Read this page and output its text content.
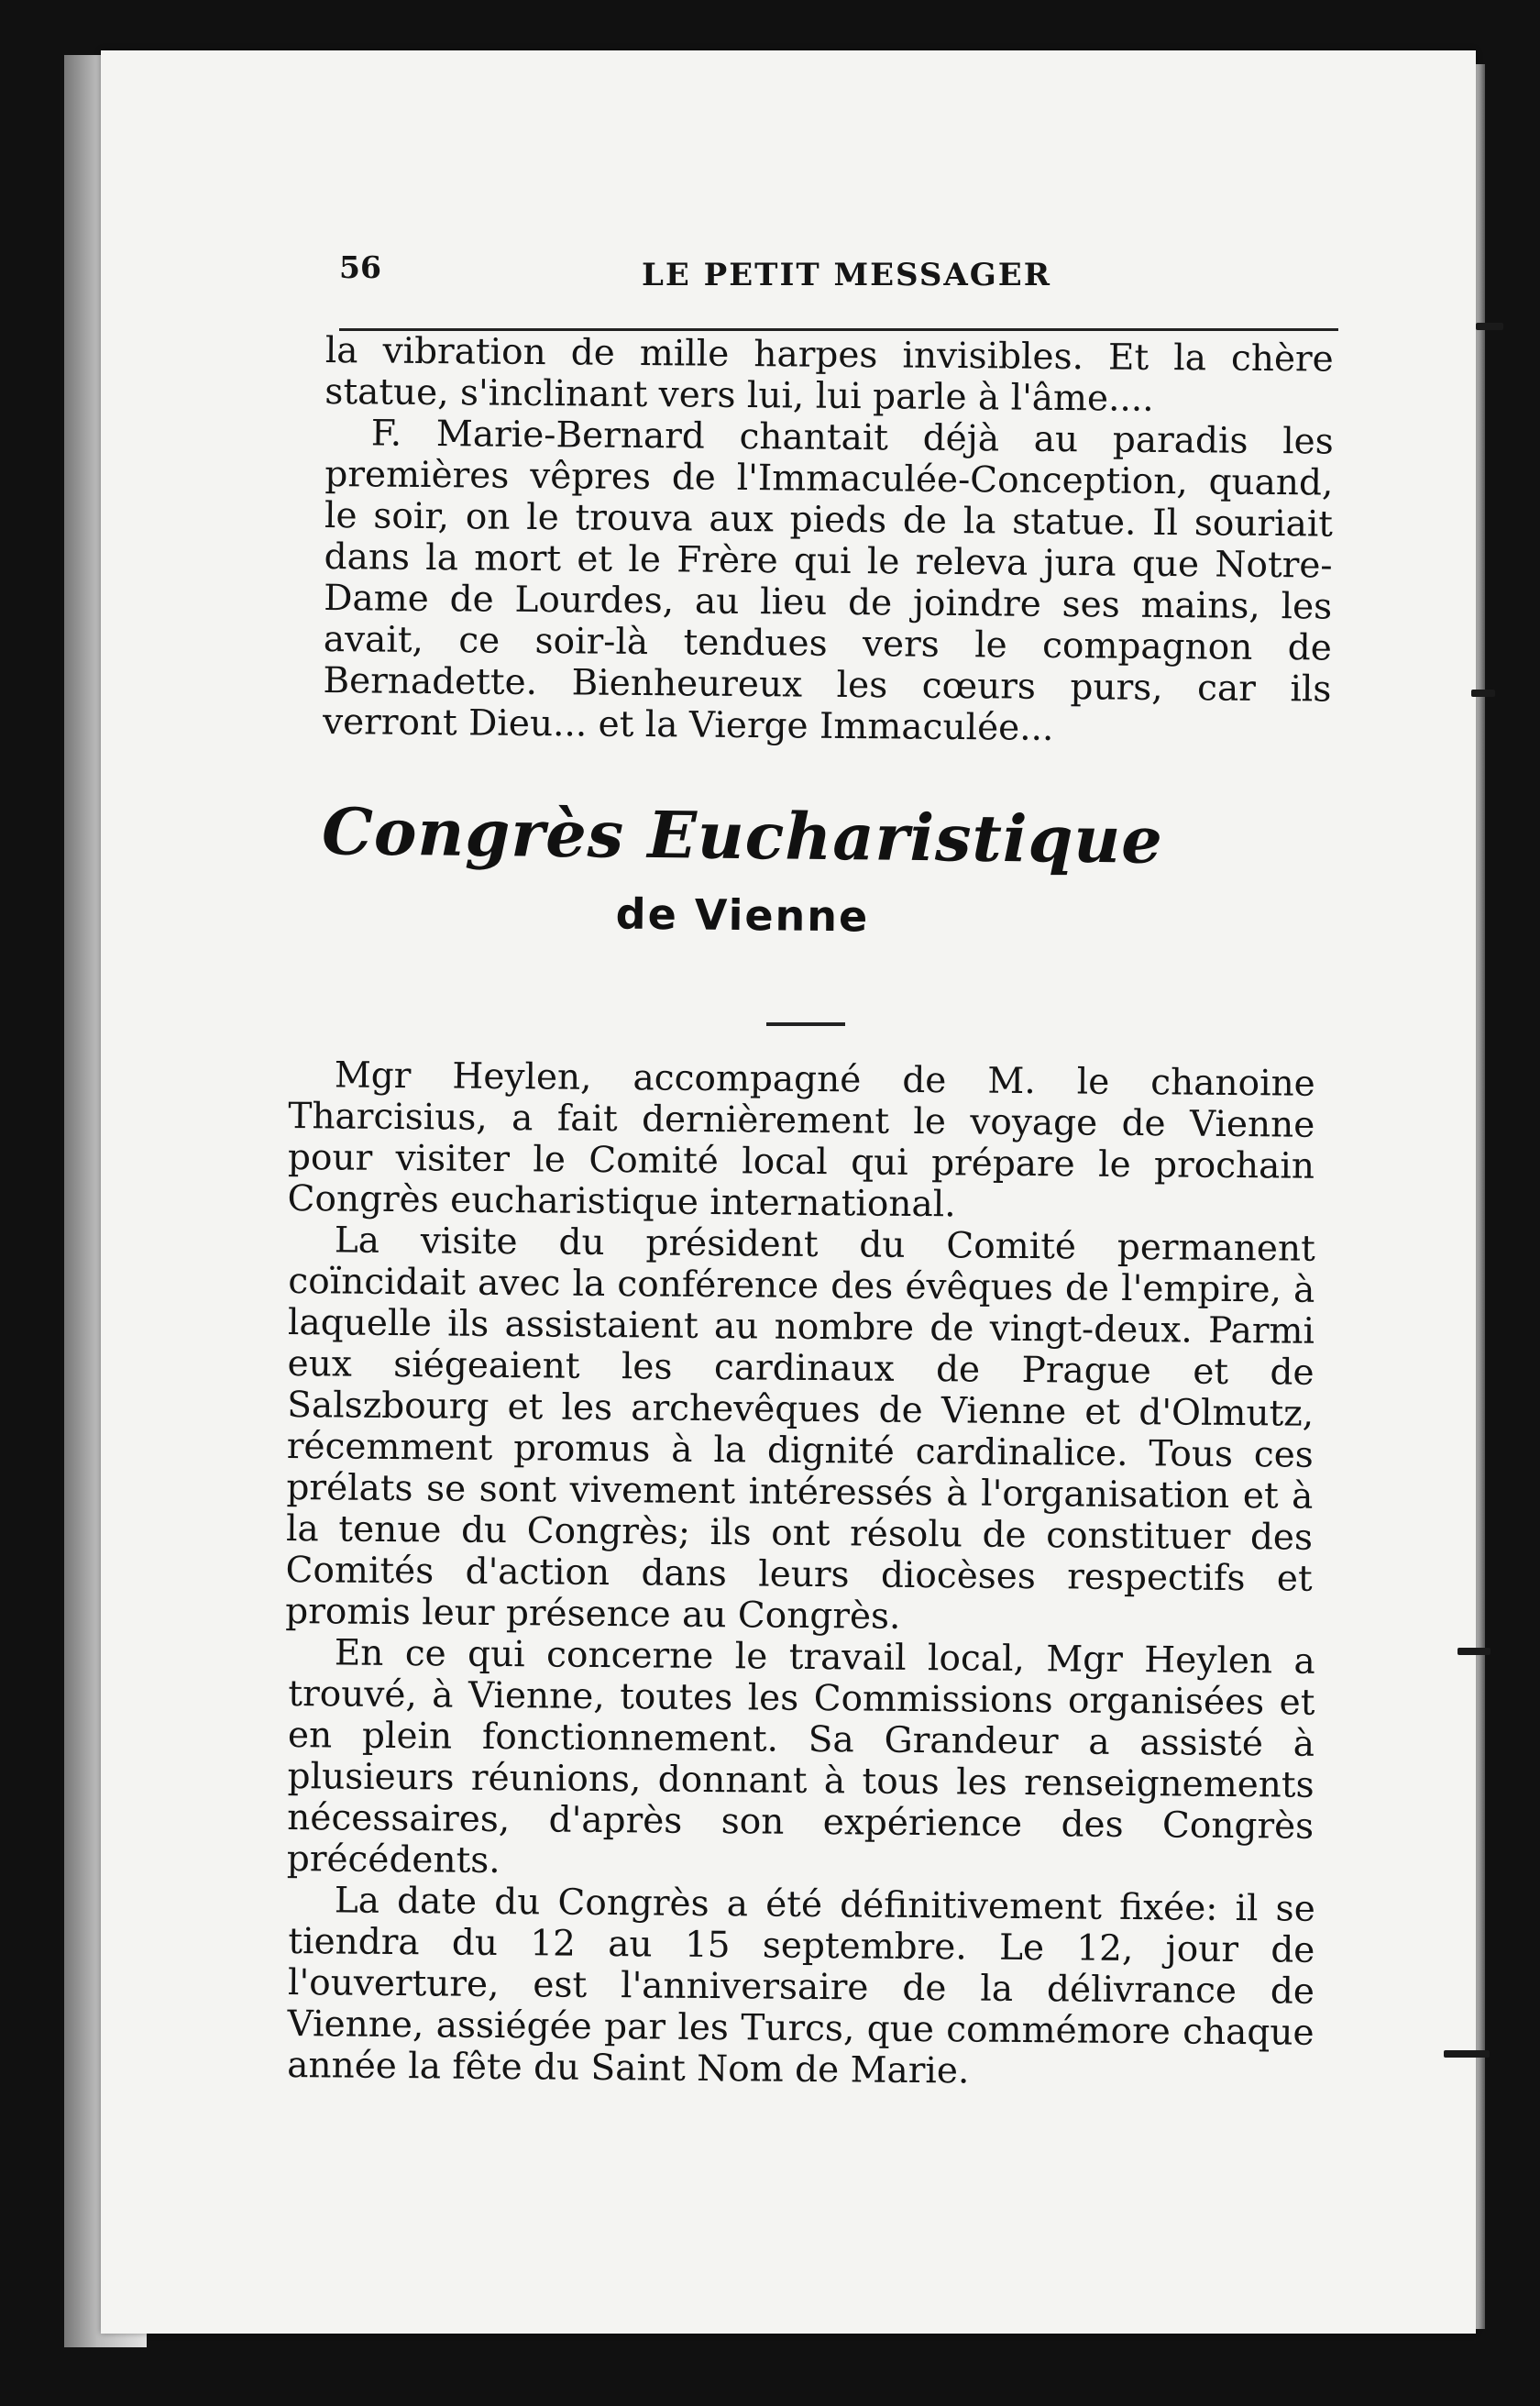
56	LE PETIT MESSAGER

la vibration de mille harpes invisibles. Et la chère statue, s'inclinant vers lui, lui parle à l'âme....

F. Marie-Bernard chantait déjà au paradis les premières vêpres de l'Immaculée-Conception, quand, le soir, on le trouva aux pieds de la statue. Il souriait dans la mort et le Frère qui le releva jura que Notre-Dame de Lourdes, au lieu de joindre ses mains, les avait, ce soir-là tendues vers le compagnon de Bernadette. Bienheureux les cœurs purs, car ils verront Dieu... et la Vierge Immaculée...

Congrès Eucharistique
de Vienne

Mgr Heylen, accompagné de M. le chanoine Tharcisius, a fait dernièrement le voyage de Vienne pour visiter le Comité local qui prépare le prochain Congrès eucharistique international.

La visite du président du Comité permanent coïncidait avec la conférence des évêques de l'empire, à laquelle ils assistaient au nombre de vingt-deux. Parmi eux siégeaient les cardinaux de Prague et de Salszbourg et les archevêques de Vienne et d'Olmutz, récemment promus à la dignité cardinalice. Tous ces prélats se sont vivement intéressés à l'organisation et à la tenue du Congrès; ils ont résolu de constituer des Comités d'action dans leurs diocèses respectifs et promis leur présence au Congrès.

En ce qui concerne le travail local, Mgr Heylen a trouvé, à Vienne, toutes les Commissions organisées et en plein fonctionnement. Sa Grandeur a assisté à plusieurs réunions, donnant à tous les renseignements nécessaires, d'après son expérience des Congrès précédents.

La date du Congrès a été définitivement fixée: il se tiendra du 12 au 15 septembre. Le 12, jour de l'ouverture, est l'anniversaire de la délivrance de Vienne, assiégée par les Turcs, que commémore chaque année la fête du Saint Nom de Marie.
